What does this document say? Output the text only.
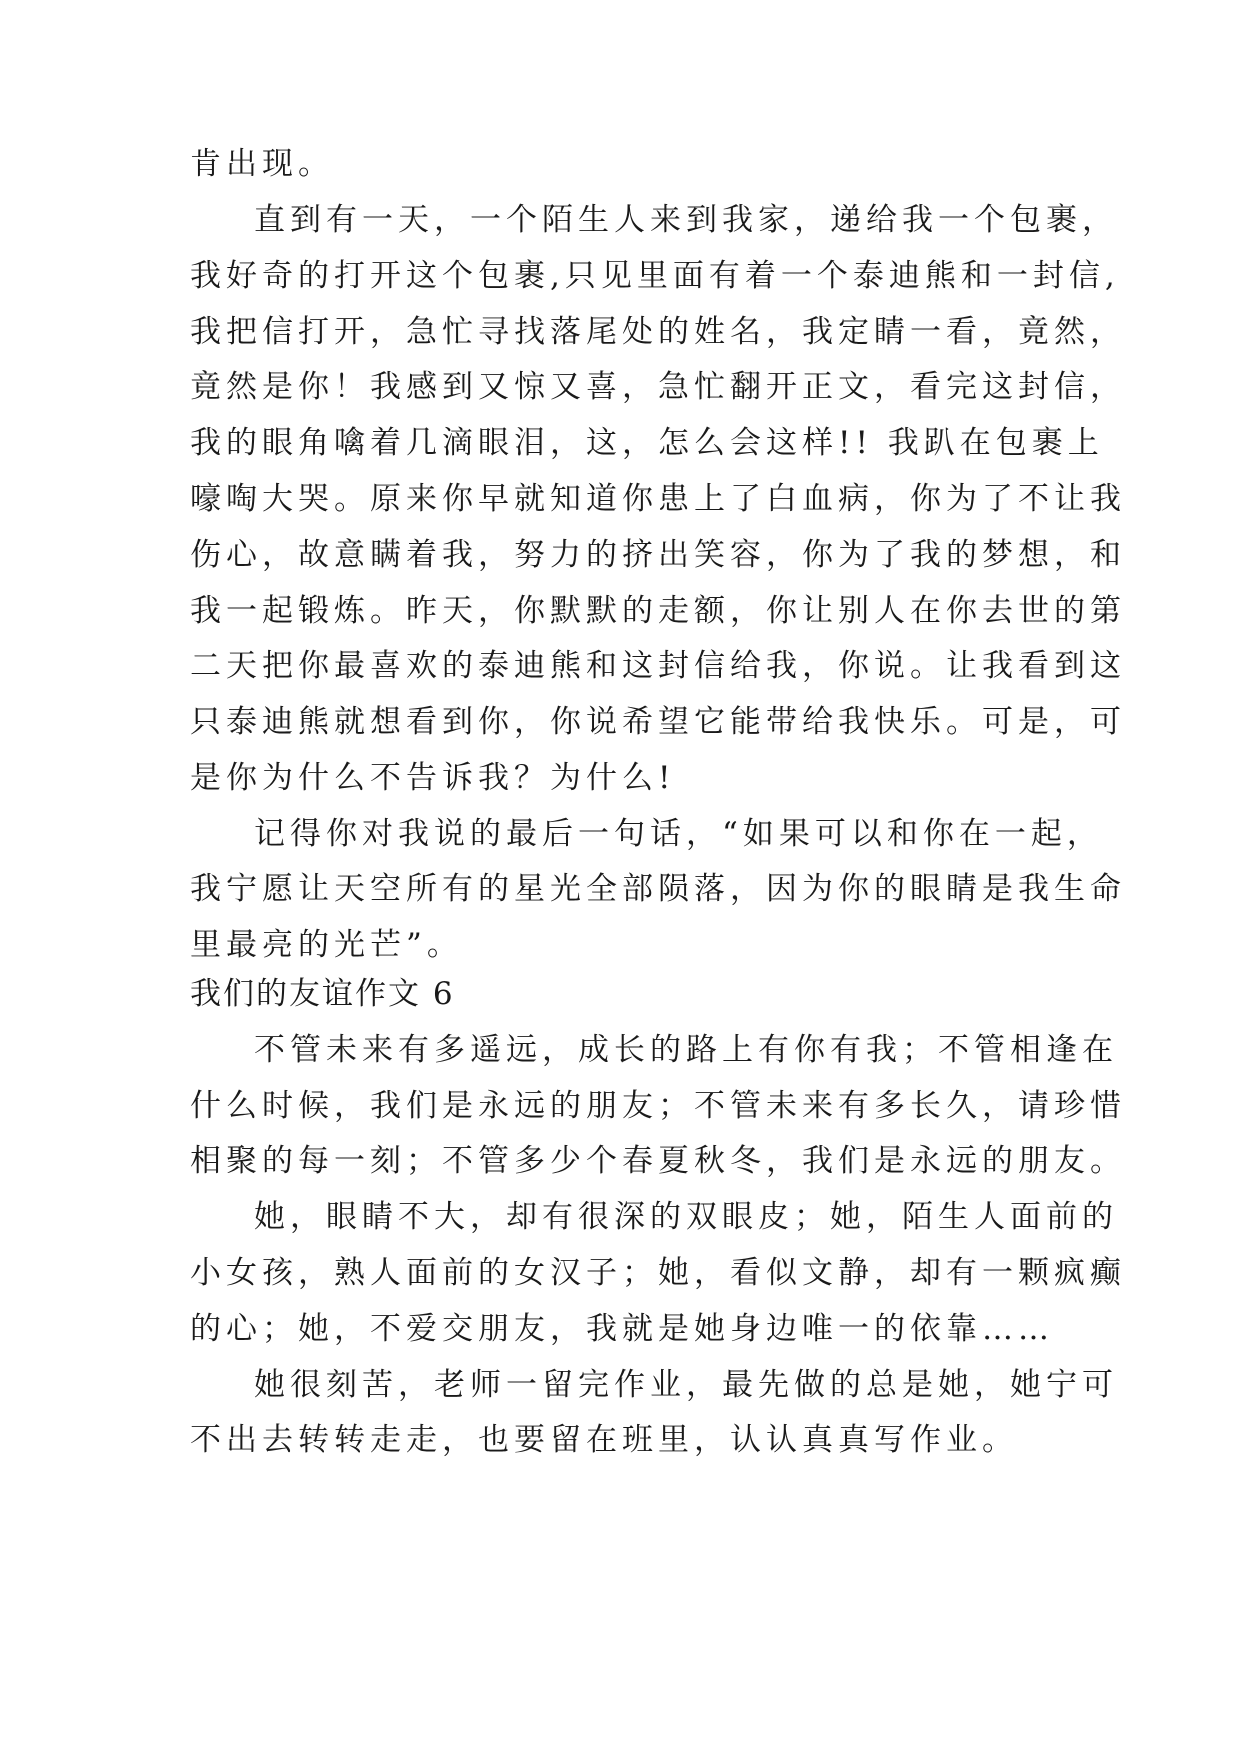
肯出现。
直到有一天，一个陌生人来到我家，递给我一个包裹，
我好奇的打开这个包裹,只见里面有着一个泰迪熊和一封信,
我把信打开，急忙寻找落尾处的姓名，我定睛一看，竟然，
竟然是你！我感到又惊又喜，急忙翻开正文，看完这封信，
我的眼角噙着几滴眼泪，这，怎么会这样!! 我趴在包裹上
嚎啕大哭。原来你早就知道你患上了白血病，你为了不让我
伤心，故意瞒着我，努力的挤出笑容，你为了我的梦想，和
我一起锻炼。昨天，你默默的走额，你让别人在你去世的第
二天把你最喜欢的泰迪熊和这封信给我，你说。让我看到这
只泰迪熊就想看到你，你说希望它能带给我快乐。可是，可
是你为什么不告诉我？为什么!
记得你对我说的最后一句话，“如果可以和你在一起，
我宁愿让天空所有的星光全部陨落，因为你的眼睛是我生命
里最亮的光芒”。
我们的友谊作文 6
不管未来有多遥远，成长的路上有你有我；不管相逢在
什么时候，我们是永远的朋友；不管未来有多长久，请珍惜
相聚的每一刻；不管多少个春夏秋冬，我们是永远的朋友。
她，眼睛不大，却有很深的双眼皮；她，陌生人面前的
小女孩，熟人面前的女汉子；她，看似文静，却有一颗疯癫
的心；她，不爱交朋友，我就是她身边唯一的依靠……
她很刻苦，老师一留完作业，最先做的总是她，她宁可
不出去转转走走，也要留在班里，认认真真写作业。
